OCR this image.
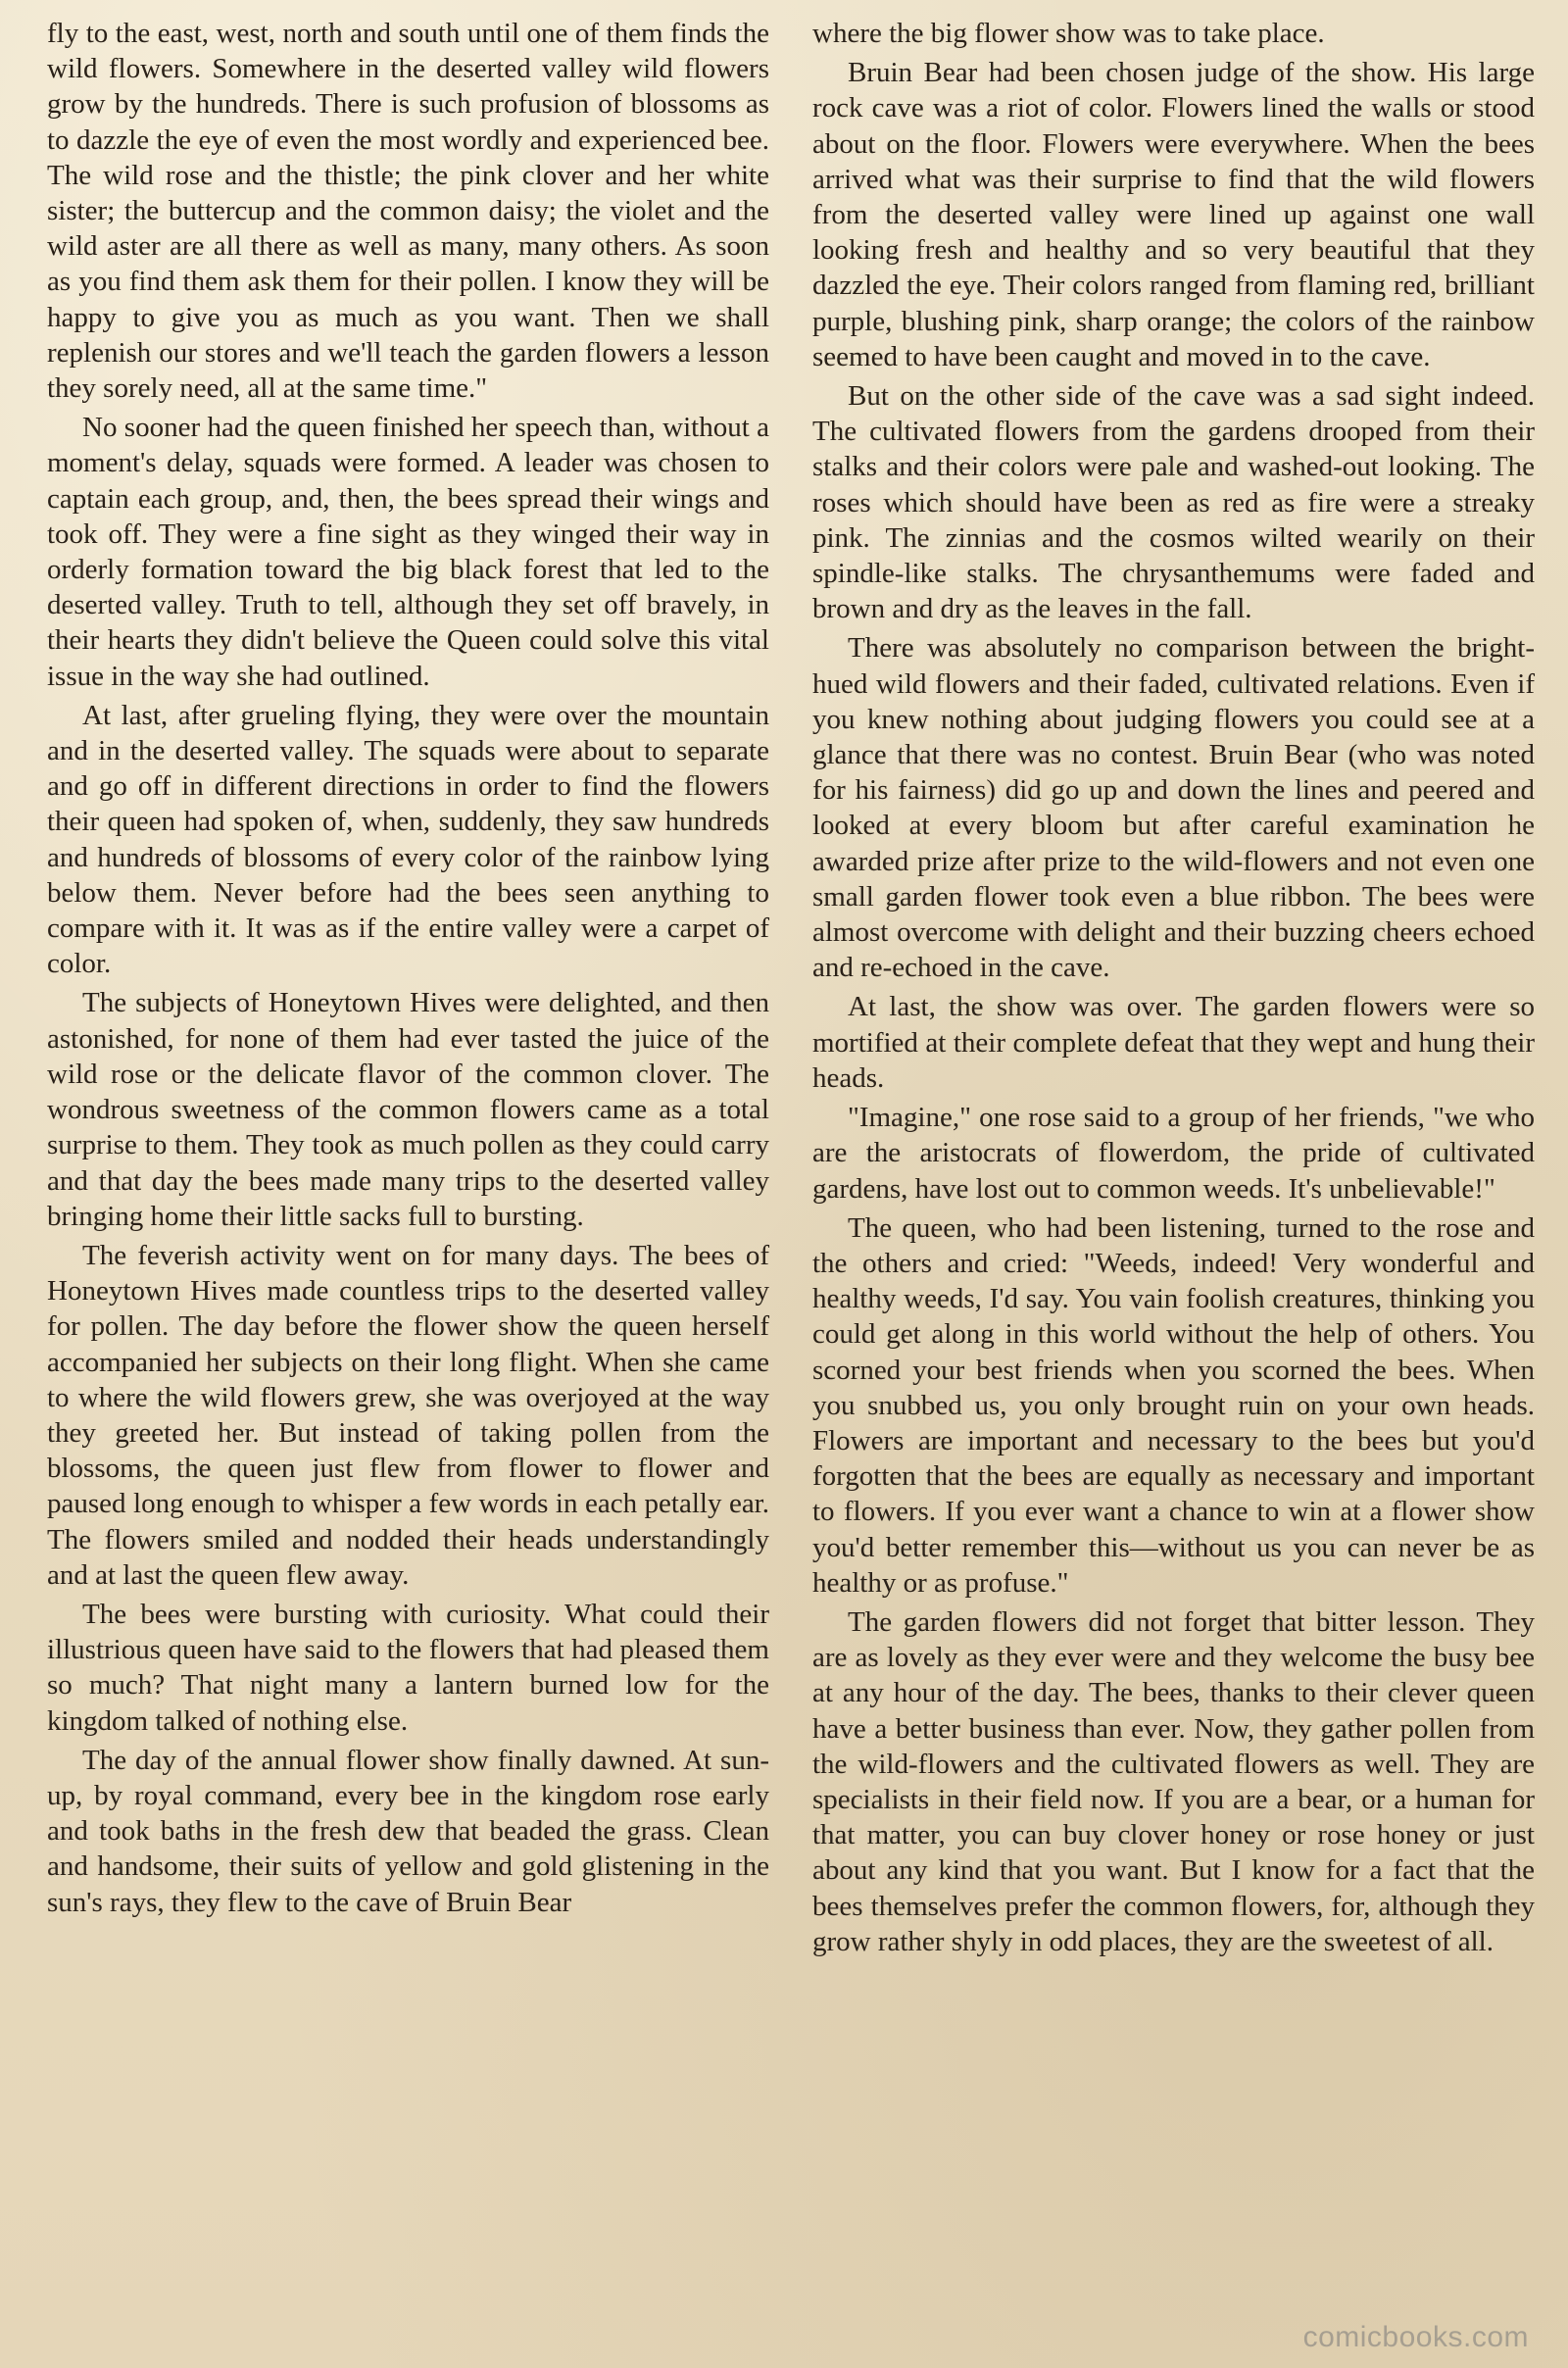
fly to the east, west, north and south until one of them finds the wild flowers. Somewhere in the deserted valley wild flowers grow by the hundreds. There is such profusion of blossoms as to dazzle the eye of even the most wordly and experienced bee. The wild rose and the thistle; the pink clover and her white sister; the buttercup and the common daisy; the violet and the wild aster are all there as well as many, many others. As soon as you find them ask them for their pollen. I know they will be happy to give you as much as you want. Then we shall replenish our stores and we'll teach the garden flowers a lesson they sorely need, all at the same time."

No sooner had the queen finished her speech than, without a moment's delay, squads were formed. A leader was chosen to captain each group, and, then, the bees spread their wings and took off. They were a fine sight as they winged their way in orderly formation toward the big black forest that led to the deserted valley. Truth to tell, although they set off bravely, in their hearts they didn't believe the Queen could solve this vital issue in the way she had outlined.

At last, after grueling flying, they were over the mountain and in the deserted valley. The squads were about to separate and go off in different directions in order to find the flowers their queen had spoken of, when, suddenly, they saw hundreds and hundreds of blossoms of every color of the rainbow lying below them. Never before had the bees seen anything to compare with it. It was as if the entire valley were a carpet of color.

The subjects of Honeytown Hives were delighted, and then astonished, for none of them had ever tasted the juice of the wild rose or the delicate flavor of the common clover. The wondrous sweetness of the common flowers came as a total surprise to them. They took as much pollen as they could carry and that day the bees made many trips to the deserted valley bringing home their little sacks full to bursting.

The feverish activity went on for many days. The bees of Honeytown Hives made countless trips to the deserted valley for pollen. The day before the flower show the queen herself accompanied her subjects on their long flight. When she came to where the wild flowers grew, she was overjoyed at the way they greeted her. But instead of taking pollen from the blossoms, the queen just flew from flower to flower and paused long enough to whisper a few words in each petally ear. The flowers smiled and nodded their heads understandingly and at last the queen flew away.

The bees were bursting with curiosity. What could their illustrious queen have said to the flowers that had pleased them so much? That night many a lantern burned low for the kingdom talked of nothing else.

The day of the annual flower show finally dawned. At sun-up, by royal command, every bee in the kingdom rose early and took baths in the fresh dew that beaded the grass. Clean and handsome, their suits of yellow and gold glistening in the sun's rays, they flew to the cave of Bruin Bear

where the big flower show was to take place.

Bruin Bear had been chosen judge of the show. His large rock cave was a riot of color. Flowers lined the walls or stood about on the floor. Flowers were everywhere. When the bees arrived what was their surprise to find that the wild flowers from the deserted valley were lined up against one wall looking fresh and healthy and so very beautiful that they dazzled the eye. Their colors ranged from flaming red, brilliant purple, blushing pink, sharp orange; the colors of the rainbow seemed to have been caught and moved in to the cave.

But on the other side of the cave was a sad sight indeed. The cultivated flowers from the gardens drooped from their stalks and their colors were pale and washed-out looking. The roses which should have been as red as fire were a streaky pink. The zinnias and the cosmos wilted wearily on their spindle-like stalks. The chrysanthemums were faded and brown and dry as the leaves in the fall.

There was absolutely no comparison between the bright-hued wild flowers and their faded, cultivated relations. Even if you knew nothing about judging flowers you could see at a glance that there was no contest. Bruin Bear (who was noted for his fairness) did go up and down the lines and peered and looked at every bloom but after careful examination he awarded prize after prize to the wild-flowers and not even one small garden flower took even a blue ribbon. The bees were almost overcome with delight and their buzzing cheers echoed and re-echoed in the cave.

At last, the show was over. The garden flowers were so mortified at their complete defeat that they wept and hung their heads.

"Imagine," one rose said to a group of her friends, "we who are the aristocrats of flowerdom, the pride of cultivated gardens, have lost out to common weeds. It's unbelievable!"

The queen, who had been listening, turned to the rose and the others and cried: "Weeds, indeed! Very wonderful and healthy weeds, I'd say. You vain foolish creatures, thinking you could get along in this world without the help of others. You scorned your best friends when you scorned the bees. When you snubbed us, you only brought ruin on your own heads. Flowers are important and necessary to the bees but you'd forgotten that the bees are equally as necessary and important to flowers. If you ever want a chance to win at a flower show you'd better remember this—without us you can never be as healthy or as profuse."

The garden flowers did not forget that bitter lesson. They are as lovely as they ever were and they welcome the busy bee at any hour of the day. The bees, thanks to their clever queen have a better business than ever. Now, they gather pollen from the wild-flowers and the cultivated flowers as well. They are specialists in their field now. If you are a bear, or a human for that matter, you can buy clover honey or rose honey or just about any kind that you want. But I know for a fact that the bees themselves prefer the common flowers, for, although they grow rather shyly in odd places, they are the sweetest of all.

comicbooks.com
